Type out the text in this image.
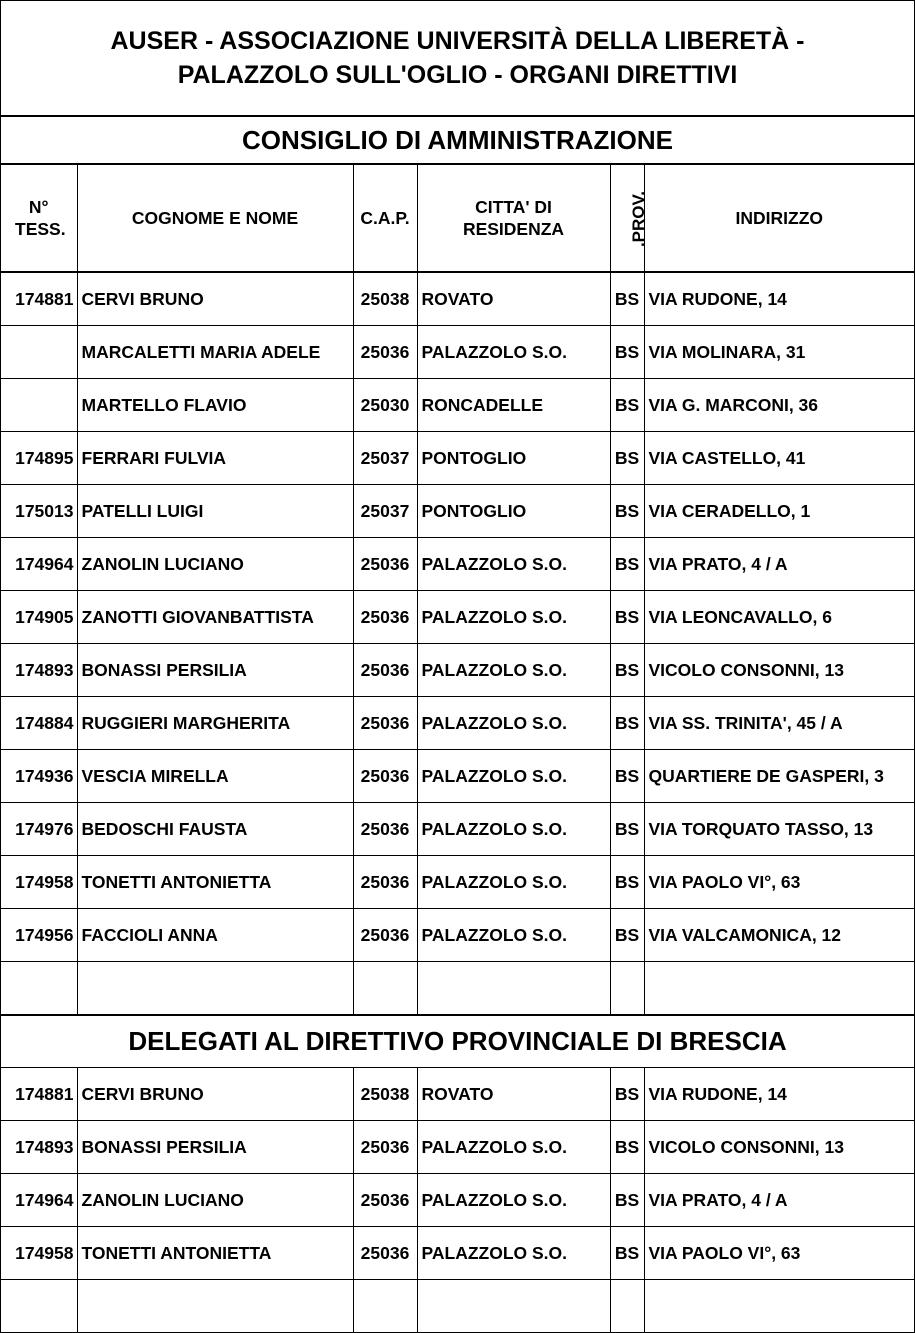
AUSER - ASSOCIAZIONE UNIVERSITÀ DELLA LIBERETÀ -
PALAZZOLO SULL'OGLIO - ORGANI DIRETTIVI
CONSIGLIO DI AMMINISTRAZIONE
N° TESS.	COGNOME E NOME	C.A.P.	CITTA' DI RESIDENZA	.PROV.	INDIRIZZO
174881	CERVI BRUNO	25038	ROVATO	BS	VIA RUDONE, 14
	MARCALETTI MARIA ADELE	25036	PALAZZOLO S.O.	BS	VIA MOLINARA, 31
	MARTELLO FLAVIO	25030	RONCADELLE	BS	VIA G. MARCONI, 36
174895	FERRARI FULVIA	25037	PONTOGLIO	BS	VIA CASTELLO, 41
175013	PATELLI LUIGI	25037	PONTOGLIO	BS	VIA CERADELLO, 1
174964	ZANOLIN LUCIANO	25036	PALAZZOLO S.O.	BS	VIA PRATO, 4 / A
174905	ZANOTTI GIOVANBATTISTA	25036	PALAZZOLO S.O.	BS	VIA LEONCAVALLO, 6
174893	BONASSI PERSILIA	25036	PALAZZOLO S.O.	BS	VICOLO CONSONNI, 13
174884	RUGGIERI MARGHERITA	25036	PALAZZOLO S.O.	BS	VIA SS. TRINITA', 45 / A
174936	VESCIA MIRELLA	25036	PALAZZOLO S.O.	BS	QUARTIERE DE GASPERI, 3
174976	BEDOSCHI FAUSTA	25036	PALAZZOLO S.O.	BS	VIA TORQUATO TASSO, 13
174958	TONETTI ANTONIETTA	25036	PALAZZOLO S.O.	BS	VIA PAOLO VI°, 63
174956	FACCIOLI ANNA	25036	PALAZZOLO S.O.	BS	VIA VALCAMONICA, 12

DELEGATI AL DIRETTIVO PROVINCIALE DI BRESCIA
174881	CERVI BRUNO	25038	ROVATO	BS	VIA RUDONE, 14
174893	BONASSI PERSILIA	25036	PALAZZOLO S.O.	BS	VICOLO CONSONNI, 13
174964	ZANOLIN LUCIANO	25036	PALAZZOLO S.O.	BS	VIA PRATO, 4 / A
174958	TONETTI ANTONIETTA	25036	PALAZZOLO S.O.	BS	VIA PAOLO VI°, 63
